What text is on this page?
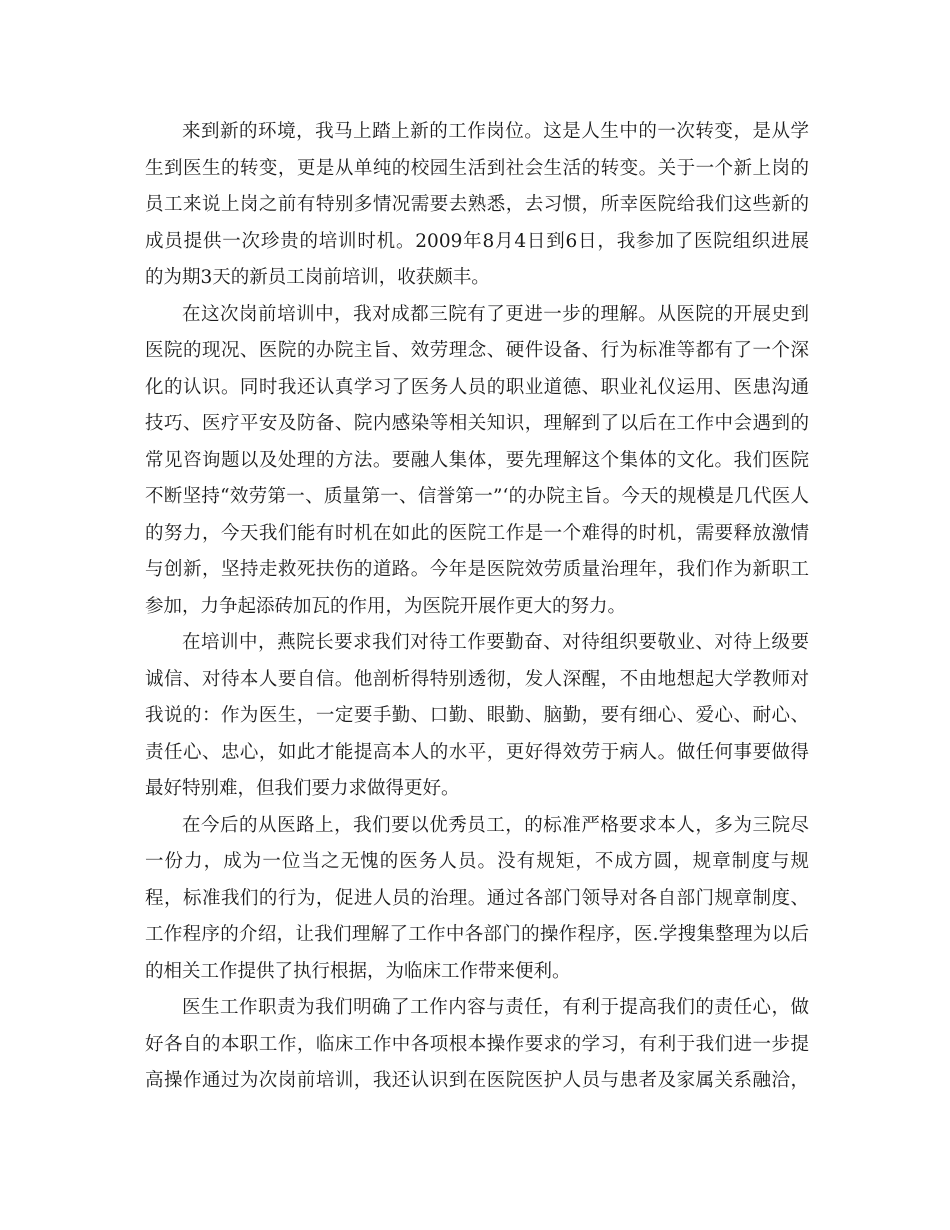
来到新的环境，我马上踏上新的工作岗位。这是人生中的一次转变，是从学
生到医生的转变，更是从单纯的校园生活到社会生活的转变。关于一个新上岗的
员工来说上岗之前有特别多情况需要去熟悉，去习惯，所幸医院给我们这些新的
成员提供一次珍贵的培训时机。2009年8月4日到6日，我参加了医院组织进展
的为期3天的新员工岗前培训，收获颇丰。
在这次岗前培训中，我对成都三院有了更进一步的理解。从医院的开展史到
医院的现况、医院的办院主旨、效劳理念、硬件设备、行为标准等都有了一个深
化的认识。同时我还认真学习了医务人员的职业道德、职业礼仪运用、医患沟通
技巧、医疗平安及防备、院内感染等相关知识，理解到了以后在工作中会遇到的
常见咨询题以及处理的方法。要融人集体，要先理解这个集体的文化。我们医院
不断坚持“效劳第一、质量第一、信誉第一”‘的办院主旨。今天的规模是几代医人
的努力，今天我们能有时机在如此的医院工作是一个难得的时机，需要释放激情
与创新，坚持走救死扶伤的道路。今年是医院效劳质量治理年，我们作为新职工
参加，力争起添砖加瓦的作用，为医院开展作更大的努力。
在培训中，燕院长要求我们对待工作要勤奋、对待组织要敬业、对待上级要
诚信、对待本人要自信。他剖析得特别透彻，发人深醒，不由地想起大学教师对
我说的：作为医生，一定要手勤、口勤、眼勤、脑勤，要有细心、爱心、耐心、
责任心、忠心，如此才能提高本人的水平，更好得效劳于病人。做任何事要做得
最好特别难，但我们要力求做得更好。
在今后的从医路上，我们要以优秀员工，的标准严格要求本人，多为三院尽
一份力，成为一位当之无愧的医务人员。没有规矩，不成方圆，规章制度与规
程，标准我们的行为，促进人员的治理。通过各部门领导对各自部门规章制度、
工作程序的介绍，让我们理解了工作中各部门的操作程序，医.学搜集整理为以后
的相关工作提供了执行根据，为临床工作带来便利。
医生工作职责为我们明确了工作内容与责任，有利于提高我们的责任心，做
好各自的本职工作，临床工作中各项根本操作要求的学习，有利于我们进一步提
高操作通过为次岗前培训，我还认识到在医院医护人员与患者及家属关系融洽，
